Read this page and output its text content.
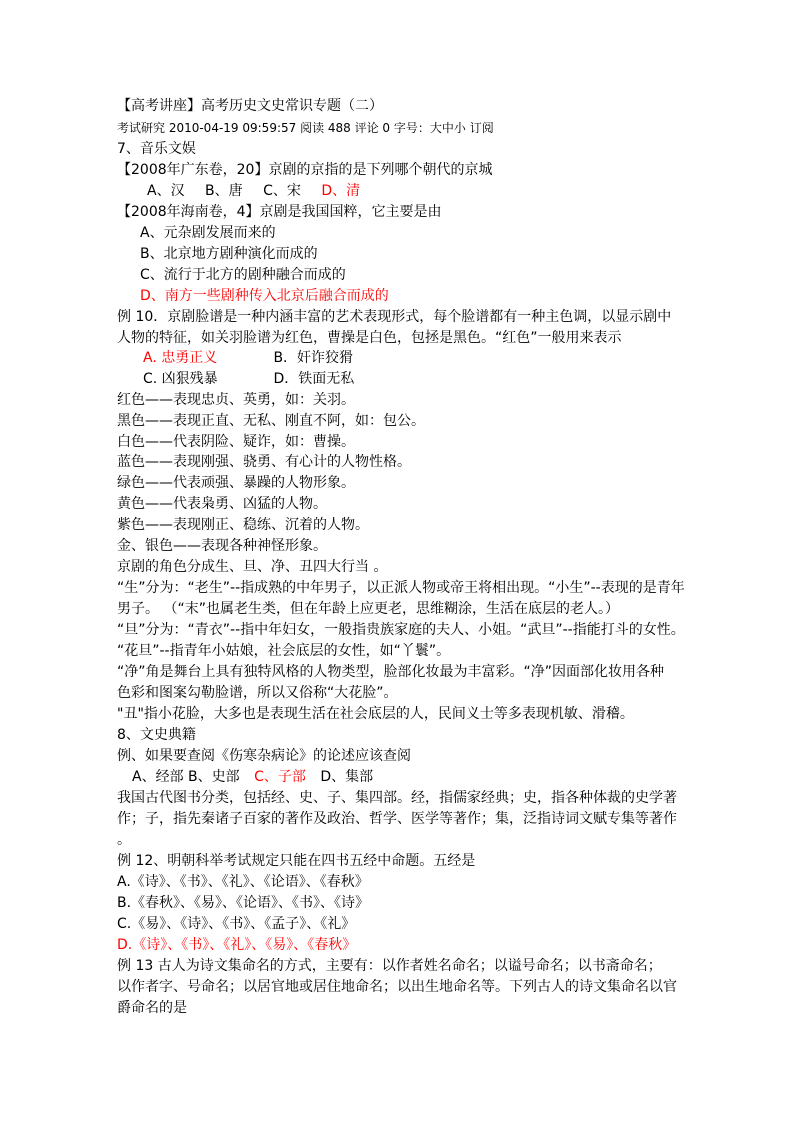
【高考讲座】高考历史文史常识专题（二）
考试研究 2010-04-19 09:59:57 阅读 488 评论 0 字号：大中小 订阅
7、音乐文娱
【2008年广东卷，20】京剧的京指的是下列哪个朝代的京城
A、汉 B、唐 C、宋 D、清
【2008年海南卷，4】京剧是我国国粹，它主要是由
A、元杂剧发展而来的
B、北京地方剧种演化而成的
C、流行于北方的剧种融合而成的
D、南方一些剧种传入北京后融合而成的
例 10．京剧脸谱是一种内涵丰富的艺术表现形式，每个脸谱都有一种主色调，以显示剧中
人物的特征，如关羽脸谱为红色，曹操是白色，包拯是黑色。“红色”一般用来表示
A. 忠勇正义	B．奸诈狡猾
C. 凶狠残暴	D．铁面无私
红色——表现忠贞、英勇，如：关羽。
黑色——表现正直、无私、刚直不阿，如：包公。
白色——代表阴险、疑诈，如：曹操。
蓝色——表现刚强、骁勇、有心计的人物性格。
绿色——代表顽强、暴躁的人物形象。
黄色——代表枭勇、凶猛的人物。
紫色——表现刚正、稳练、沉着的人物。
金、银色——表现各种神怪形象。
京剧的角色分成生、旦、净、丑四大行当 。
“生”分为：“老生”--指成熟的中年男子，以正派人物或帝王将相出现。“小生”--表现的是青年
男子。 （“末”也属老生类，但在年龄上应更老，思维糊涂，生活在底层的老人。）
“旦”分为：“青衣”--指中年妇女，一般指贵族家庭的夫人、小姐。“武旦”--指能打斗的女性。
“花旦”--指青年小姑娘，社会底层的女性，如“丫鬟”。
“净”角是舞台上具有独特风格的人物类型，脸部化妆最为丰富彩。“净”因面部化妆用各种
色彩和图案勾勒脸谱，所以又俗称“大花脸”。
"丑"指小花脸，大多也是表现生活在社会底层的人，民间义士等多表现机敏、滑稽。
8、文史典籍
例、如果要查阅《伤寒杂病论》的论述应该查阅
A、经部 B、史部 C、子部 D、集部
我国古代图书分类，包括经、史、子、集四部。经，指儒家经典；史，指各种体裁的史学著
作；子，指先秦诸子百家的著作及政治、哲学、医学等著作；集，泛指诗词文赋专集等著作
。
例 12、明朝科举考试规定只能在四书五经中命题。五经是
A.《诗》、《书》、《礼》、《论语》、《春秋》
B.《春秋》、《易》、《论语》、《书》、《诗》
C.《易》、《诗》、《书》、《孟子》、《礼》
D.《诗》、《书》、《礼》、《易》、《春秋》
例 13 古人为诗文集命名的方式，主要有：以作者姓名命名；以谥号命名；以书斋命名；
以作者字、号命名；以居官地或居住地命名；以出生地命名等。下列古人的诗文集命名以官
爵命名的是
